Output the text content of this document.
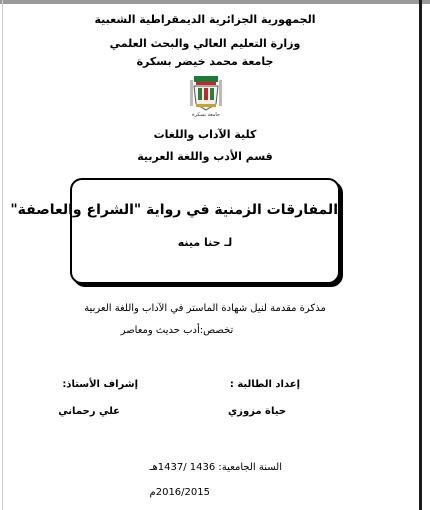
الجمهورية الجزائرية الديمقراطية الشعبية
وزارة التعليم العالي والبحث العلمي
جامعة محمد خيضر بسكرة
جامعة بسكرة
كلية الآداب واللغات
قسم الأدب واللغة العربية
المفارقات الزمنية في رواية "الشراع والعاصفة"
لـ حنا مينه
مذكرة مقدمة لنيل شهادة الماستر في الآداب واللغة العربية
تخصص:أدب حديث ومعاصر
إعداد الطالبة :
حياة مزوزي
إشراف الأستاذ:
علي رحماني
السنة الجامعية: 1436 /1437هـ
2016/2015م
